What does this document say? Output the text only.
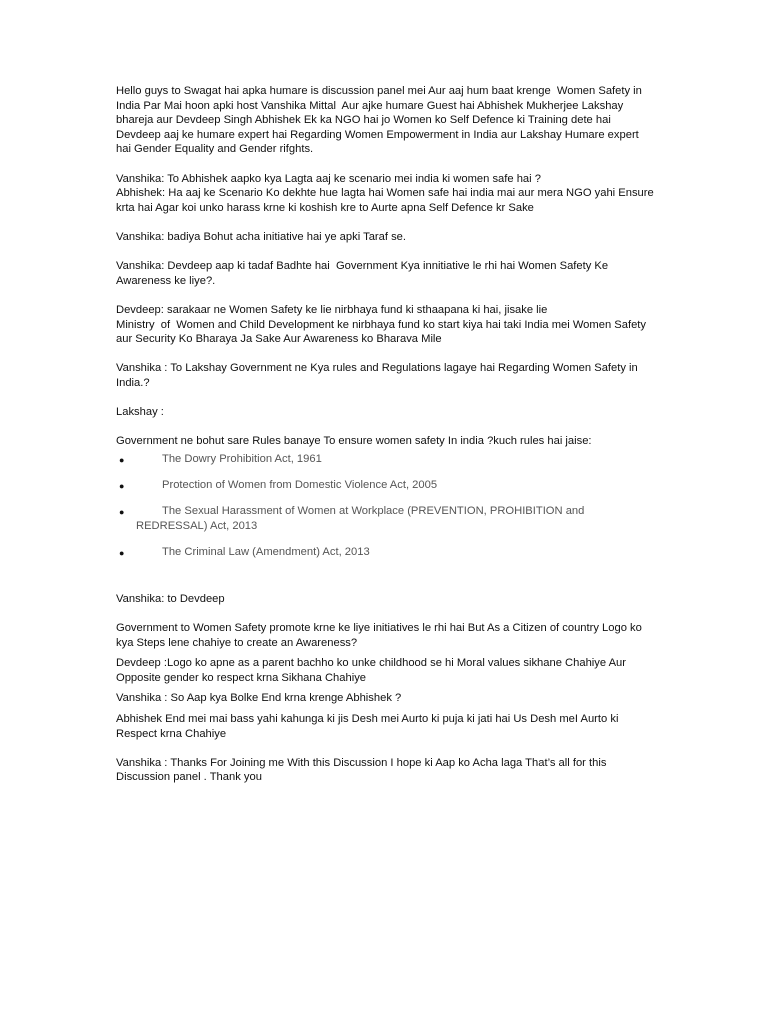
Hello guys to Swagat hai apka humare is discussion panel mei Aur aaj hum baat krenge  Women Safety in India Par Mai hoon apki host Vanshika Mittal  Aur ajke humare Guest hai Abhishek Mukherjee Lakshay bhareja aur Devdeep Singh Abhishek Ek ka NGO hai jo Women ko Self Defence ki Training dete hai Devdeep aaj ke humare expert hai Regarding Women Empowerment in India aur Lakshay Humare expert hai Gender Equality and Gender rifghts.

Vanshika: To Abhishek aapko kya Lagta aaj ke scenario mei india ki women safe hai ?
Abhishek: Ha aaj ke Scenario Ko dekhte hue lagta hai Women safe hai india mai aur mera NGO yahi Ensure krta hai Agar koi unko harass krne ki koshish kre to Aurte apna Self Defence kr Sake

Vanshika: badiya Bohut acha initiative hai ye apki Taraf se.

Vanshika: Devdeep aap ki tadaf Badhte hai  Government Kya innitiative le rhi hai Women Safety Ke Awareness ke liye?.

Devdeep: sarakaar ne Women Safety ke lie nirbhaya fund ki sthaapana ki hai, jisake lie
Ministry  of  Women and Child Development ke nirbhaya fund ko start kiya hai taki India mei Women Safety aur Security Ko Bharaya Ja Sake Aur Awareness ko Bharava Mile

Vanshika : To Lakshay Government ne Kya rules and Regulations lagaye hai Regarding Women Safety in India.?

Lakshay :

Government ne bohut sare Rules banaye To ensure women safety In india ?kuch rules hai jaise:

●	The Dowry Prohibition Act, 1961
●	Protection of Women from Domestic Violence Act, 2005
●	The Sexual Harassment of Women at Workplace (PREVENTION, PROHIBITION and REDRESSAL) Act, 2013
●	The Criminal Law (Amendment) Act, 2013

Vanshika: to Devdeep

Government to Women Safety promote krne ke liye initiatives le rhi hai But As a Citizen of country Logo ko kya Steps lene chahiye to create an Awareness?

Devdeep :Logo ko apne as a parent bachho ko unke childhood se hi Moral values sikhane Chahiye Aur Opposite gender ko respect krna Sikhana Chahiye

Vanshika : So Aap kya Bolke End krna krenge Abhishek ?

Abhishek End mei mai bass yahi kahunga ki jis Desh mei Aurto ki puja ki jati hai Us Desh meI Aurto ki Respect krna Chahiye

Vanshika : Thanks For Joining me With this Discussion I hope ki Aap ko Acha laga That’s all for this Discussion panel . Thank you
